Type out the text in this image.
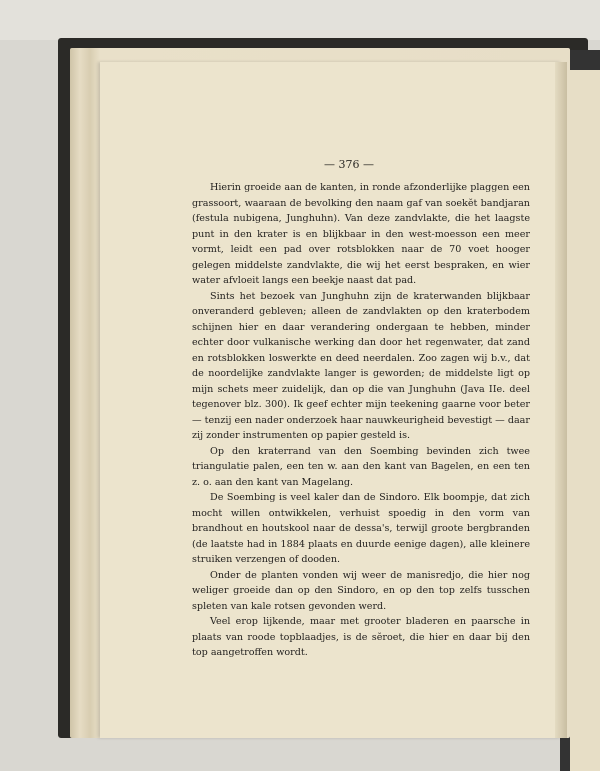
— 376 —

Hierin groeide aan de kanten, in ronde afzonderlijke plaggen een grassoort, waaraan de bevolking den naam gaf van soekĕt bandjaran (festula nubigena, Junghuhn). Van deze zandvlakte, die het laagste punt in den krater is en blijkbaar in den west-moesson een meer vormt, leidt een pad over rotsblokken naar de 70 voet hooger gelegen middelste zandvlakte, die wij het eerst bespraken, en wier water afvloeit langs een beekje naast dat pad.

Sints het bezoek van Junghuhn zijn de kraterwanden blijkbaar onveranderd gebleven; alleen de zandvlakten op den kraterbodem schijnen hier en daar verandering ondergaan te hebben, minder echter door vulkanische werking dan door het regenwater, dat zand en rotsblokken loswerkte en deed neerdalen. Zoo zagen wij b.v., dat de noordelijke zandvlakte langer is geworden; de middelste ligt op mijn schets meer zuidelijk, dan op die van Junghuhn (Java IIe. deel tegenover blz. 300). Ik geef echter mijn teekening gaarne voor beter — tenzij een nader onderzoek haar nauwkeurigheid bevestigt — daar zij zonder instrumenten op papier gesteld is.

Op den kraterrand van den Soembing bevinden zich twee triangulatie palen, een ten w. aan den kant van Bagelen, en een ten z. o. aan den kant van Magelang.

De Soembing is veel kaler dan de Sindoro. Elk boompje, dat zich mocht willen ontwikkelen, verhuist spoedig in den vorm van brandhout en houtskool naar de dessa's, terwijl groote bergbranden (de laatste had in 1884 plaats en duurde eenige dagen), alle kleinere struiken verzengen of dooden.

Onder de planten vonden wij weer de manisredjo, die hier nog weliger groeide dan op den Sindoro, en op den top zelfs tusschen spleten van kale rotsen gevonden werd.

Veel erop lijkende, maar met grooter bladeren en paarsche in plaats van roode topblaadjes, is de sĕroet, die hier en daar bij den top aangetroffen wordt.
